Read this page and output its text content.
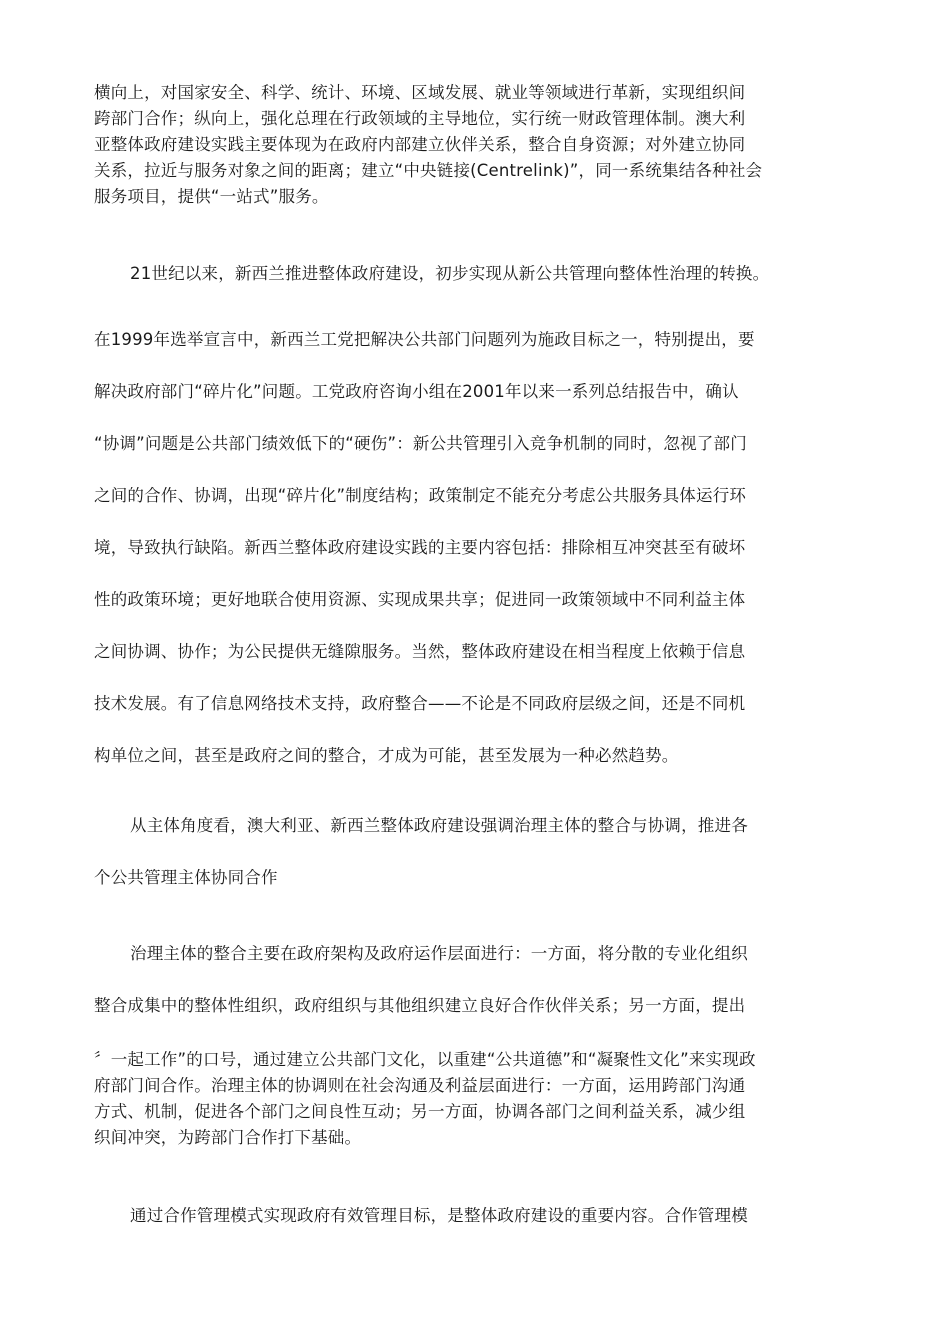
横向上，对国家安全、科学、统计、环境、区域发展、就业等领域进行革新，实现组织间
跨部门合作；纵向上，强化总理在行政领域的主导地位，实行统一财政管理体制。澳大利
亚整体政府建设实践主要体现为在政府内部建立伙伴关系，整合自身资源；对外建立协同
关系，拉近与服务对象之间的距离；建立“中央链接(Centrelink)”，同一系统集结各种社会
服务项目，提供“一站式”服务。
21世纪以来，新西兰推进整体政府建设，初步实现从新公共管理向整体性治理的转换。
在1999年选举宣言中，新西兰工党把解决公共部门问题列为施政目标之一，特别提出，要
解决政府部门“碎片化”问题。工党政府咨询小组在2001年以来一系列总结报告中，确认
“协调”问题是公共部门绩效低下的“硬伤”：新公共管理引入竞争机制的同时，忽视了部门
之间的合作、协调，出现“碎片化”制度结构；政策制定不能充分考虑公共服务具体运行环
境，导致执行缺陷。新西兰整体政府建设实践的主要内容包括：排除相互冲突甚至有破坏
性的政策环境；更好地联合使用资源、实现成果共享；促进同一政策领域中不同利益主体
之间协调、协作；为公民提供无缝隙服务。当然，整体政府建设在相当程度上依赖于信息
技术发展。有了信息网络技术支持，政府整合——不论是不同政府层级之间，还是不同机
构单位之间，甚至是政府之间的整合，才成为可能，甚至发展为一种必然趋势。
从主体角度看，澳大利亚、新西兰整体政府建设强调治理主体的整合与协调，推进各
个公共管理主体协同合作
治理主体的整合主要在政府架构及政府运作层面进行：一方面，将分散的专业化组织
整合成集中的整体性组织，政府组织与其他组织建立良好合作伙伴关系；另一方面，提出
〞一起工作”的口号，通过建立公共部门文化，以重建“公共道德”和“凝聚性文化”来实现政
府部门间合作。治理主体的协调则在社会沟通及利益层面进行：一方面，运用跨部门沟通
方式、机制，促进各个部门之间良性互动；另一方面，协调各部门之间利益关系，减少组
织间冲突，为跨部门合作打下基础。
通过合作管理模式实现政府有效管理目标，是整体政府建设的重要内容。合作管理模
